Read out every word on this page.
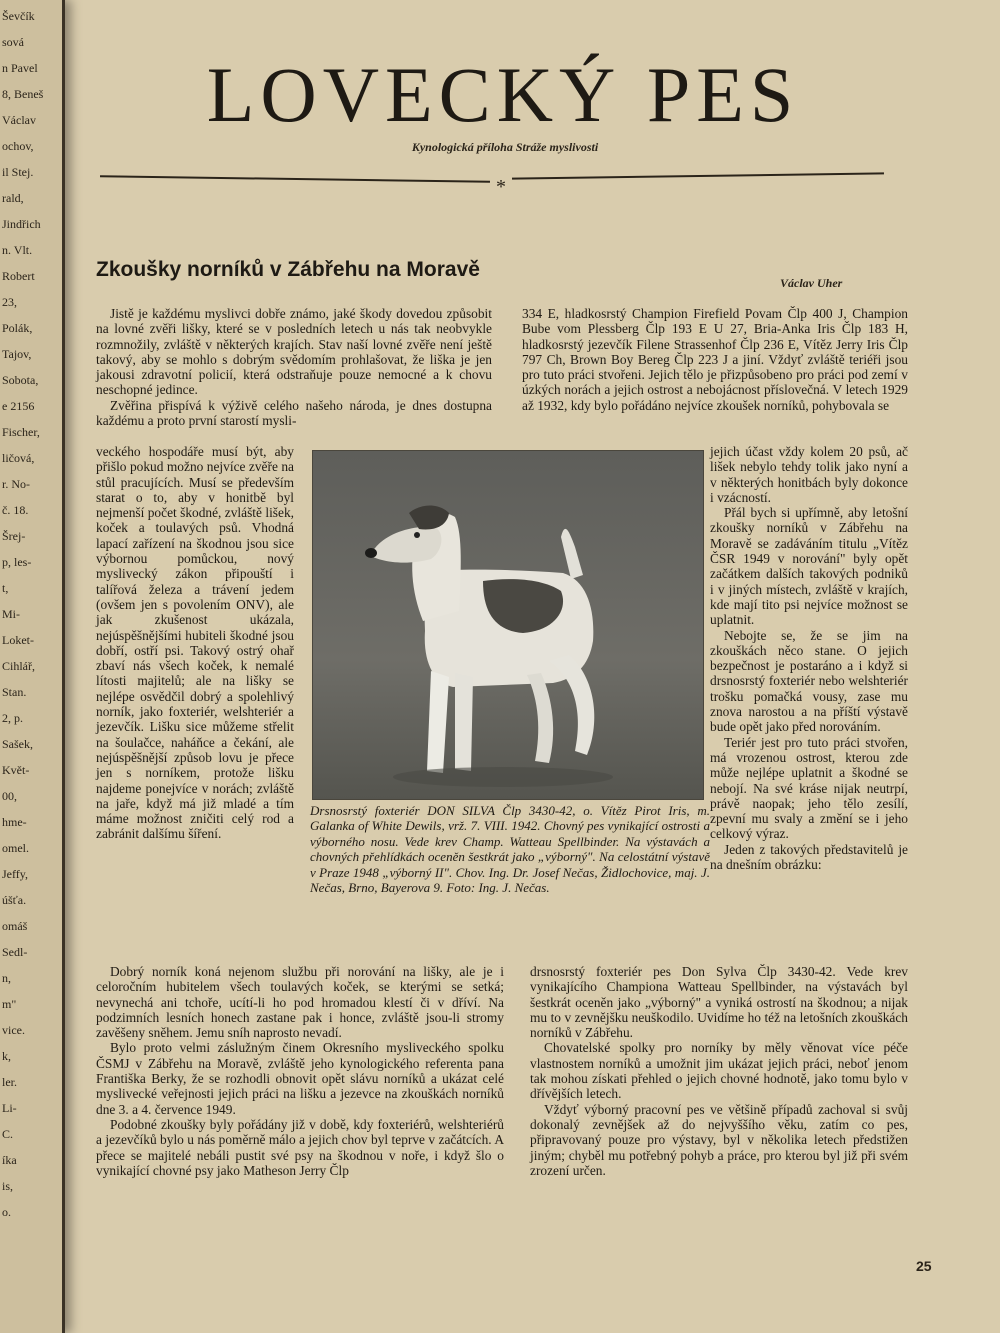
Ševčík
sová
n Pavel
8, Beneš
Václav
ochov,
il Stej.
rald,
Jindřich
n. Vlt.
Robert
23,
Polák,
Tajov,
Sobota,
e 2156
Fischer,
ličová,
r. No-
č. 18.
Šrej-
p, les-
t,
Mi-
Loket-
Cihlář,
Stan.
2, p.
Sašek,
Květ-
00,
hme-
omel.
Jeffy,
úšťa.
omáš
Sedl-
n,
m"
vice.
k,
ler.
Li-
C.
íka
is,
o.
LOVECKÝ PES
Kynologická příloha Stráže myslivosti
*
Zkoušky norníků v Zábřehu na Moravě
Václav Uher

Jistě je každému myslivci dobře známo, jaké škody dovedou způsobit na lovné zvěři lišky, které se v posledních letech u nás tak neobvykle rozmnožily, zvláště v některých krajích. Stav naší lovné zvěře není ještě takový, aby se mohlo s dobrým svědomím prohlašovat, že liška je jen jakousi zdravotní policií, která odstraňuje pouze nemocné a k chovu neschopné jedince.

Zvěřina přispívá k výživě celého našeho národa, je dnes dostupna každému a proto první starostí mysli-

veckého hospodáře musí být, aby přišlo pokud možno nejvíce zvěře na stůl pracujících. Musí se především starat o to, aby v honitbě byl nejmenší počet škodné, zvláště lišek, koček a toulavých psů. Vhodná lapací zařízení na škodnou jsou sice výbornou pomůckou, nový myslivecký zákon připouští i talířová železa a trávení jedem (ovšem jen s povolením ONV), ale jak zkušenost ukázala, nejúspěšnějšími hubiteli škodné jsou dobří, ostří psi. Takový ostrý ohař zbaví nás všech koček, k nemalé lítosti majitelů; ale na lišky se nejlépe osvědčil dobrý a spolehlivý norník, jako foxteriér, welshteriér a jezevčík. Lišku sice můžeme střelit na šoulačce, naháňce a čekání, ale nejúspěšnější způsob lovu je přece jen s norníkem, protože lišku najdeme ponejvíce v norách; zvláště na jaře, když má již mladé a tím máme možnost zničiti celý rod a zabránit dalšímu šíření.

Dobrý norník koná nejenom službu při norování na lišky, ale je i celoročním hubitelem všech toulavých koček, se kterými se setká; nevynechá ani tchoře, ucítí-li ho pod hromadou klestí či v dříví. Na podzimních lesních honech zastane pak i honce, zvláště jsou-li stromy zavěšeny sněhem. Jemu sníh naprosto nevadí.

Bylo proto velmi záslužným činem Okresního mysliveckého spolku ČSMJ v Zábřehu na Moravě, zvláště jeho kynologického referenta pana Františka Berky, že se rozhodli obnovit opět slávu norníků a ukázat celé myslivecké veřejnosti jejich práci na lišku a jezevce na zkouškách norníků dne 3. a 4. července 1949.

Podobné zkoušky byly pořádány již v době, kdy foxteriérů, welshteriérů a jezevčíků bylo u nás poměrně málo a jejich chov byl teprve v začátcích. A přece se majitelé nebáli pustit své psy na škodnou v noře, i když šlo o vynikající chovné psy jako Matheson Jerry Člp

334 E, hladkosrstý Champion Firefield Povam Člp 400 J, Champion Bube vom Plessberg Člp 193 E U 27, Bria-Anka Iris Člp 183 H, hladkosrstý jezevčík Filene Strassenhof Člp 236 E, Vítěz Jerry Iris Člp 797 Ch, Brown Boy Bereg Člp 223 J a jiní. Vždyť zvláště teriéři jsou pro tuto práci stvořeni. Jejich tělo je přizpůsobeno pro práci pod zemí v úzkých norách a jejich ostrost a nebojácnost příslovečná. V letech 1929 až 1932, kdy bylo pořádáno nejvíce zkoušek norníků, pohybovala se

jejich účast vždy kolem 20 psů, ač lišek nebylo tehdy tolik jako nyní a v některých honitbách byly dokonce i vzácností.

Přál bych si upřímně, aby letošní zkoušky norníků v Zábřehu na Moravě se zadáváním titulu „Vítěz ČSR 1949 v norování" byly opět začátkem dalších takových podniků i v jiných místech, zvláště v krajích, kde mají tito psi nejvíce možnost se uplatnit.

Nebojte se, že se jim na zkouškách něco stane. O jejich bezpečnost je postaráno a i když si drsnosrstý foxteriér nebo welshteriér trošku pomačká vousy, zase mu znova narostou a na příští výstavě bude opět jako před norováním.

Teriér jest pro tuto práci stvořen, má vrozenou ostrost, kterou zde může nejlépe uplatnit a škodné se nebojí. Na své kráse nijak neutrpí, právě naopak; jeho tělo zesílí, zpevní mu svaly a změní se i jeho celkový výraz.

Jeden z takových představitelů je na dnešním obrázku:

drsnosrstý foxteriér pes Don Sylva Člp 3430-42. Vede krev vynikajícího Championa Watteau Spellbinder, na výstavách byl šestkrát oceněn jako „výborný" a vyniká ostrostí na škodnou; a nijak mu to v zevnějšku neuškodilo. Uvidíme ho též na letošních zkouškách norníků v Zábřehu.

Chovatelské spolky pro norníky by měly věnovat více péče vlastnostem norníků a umožnit jim ukázat jejich práci, neboť jenom tak mohou získati přehled o jejich chovné hodnotě, jako tomu bylo v dřívějších letech.

Vždyť výborný pracovní pes ve většině případů zachoval si svůj dokonalý zevnějšek až do nejvyššího věku, zatím co pes, připravovaný pouze pro výstavy, byl v několika letech předstižen jiným; chyběl mu potřebný pohyb a práce, pro kterou byl již při svém zrození určen.

Drsnosrstý foxteriér DON SILVA Člp 3430-42, o. Vítěz Pirot Iris, m. Galanka of White Dewils, vrž. 7. VIII. 1942. Chovný pes vynikající ostrosti a výborného nosu. Vede krev Champ. Watteau Spellbinder. Na výstavách a chovných přehlídkách oceněn šestkrát jako „výborný". Na celostátní výstavě v Praze 1948 „výborný II". Chov. Ing. Dr. Josef Nečas, Židlochovice, maj. J. Nečas, Brno, Bayerova 9. Foto: Ing. J. Nečas.
25
